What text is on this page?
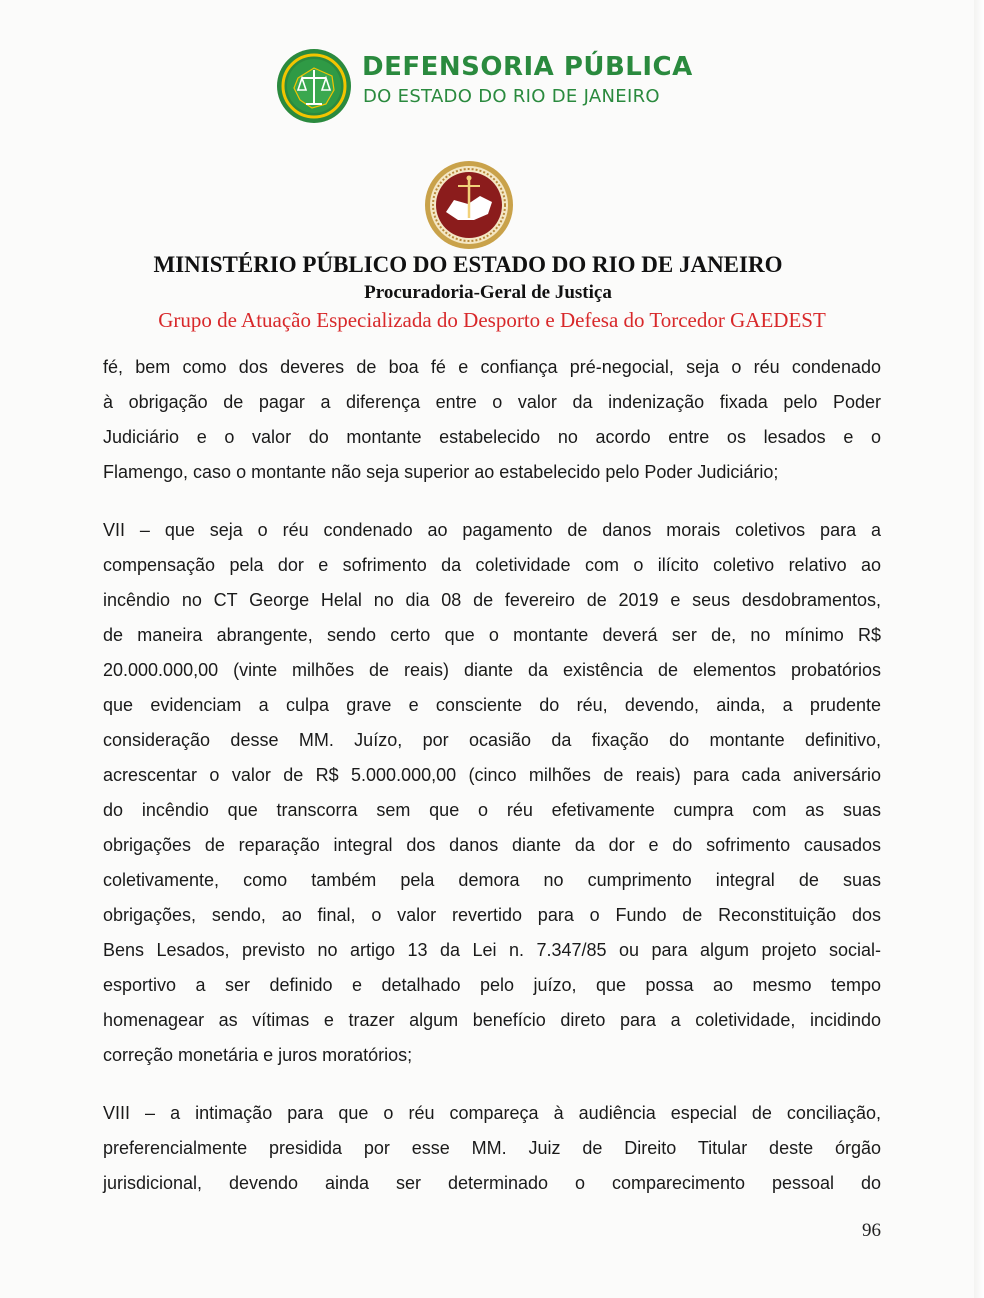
DEFENSORIA PÚBLICA
DO ESTADO DO RIO DE JANEIRO
MINISTÉRIO PÚBLICO DO ESTADO DO RIO DE JANEIRO
Procuradoria-Geral de Justiça
Grupo de Atuação Especializada do Desporto e Defesa do Torcedor GAEDEST
fé, bem como dos deveres de boa fé e confiança pré-negocial, seja o réu condenado
à obrigação de pagar a diferença entre o valor da indenização fixada pelo Poder
Judiciário e o valor do montante estabelecido no acordo entre os lesados e o
Flamengo, caso o montante não seja superior ao estabelecido pelo Poder Judiciário;
VII – que seja o réu condenado ao pagamento de danos morais coletivos para a
compensação pela dor e sofrimento da coletividade com o ilícito coletivo relativo ao
incêndio no CT George Helal no dia 08 de fevereiro de 2019 e seus desdobramentos,
de maneira abrangente, sendo certo que o montante deverá ser de, no mínimo R$
20.000.000,00 (vinte milhões de reais) diante da existência de elementos probatórios
que evidenciam a culpa grave e consciente do réu, devendo, ainda, a prudente
consideração desse MM. Juízo, por ocasião da fixação do montante definitivo,
acrescentar o valor de R$ 5.000.000,00 (cinco milhões de reais) para cada aniversário
do incêndio que transcorra sem que o réu efetivamente cumpra com as suas
obrigações de reparação integral dos danos diante da dor e do sofrimento causados
coletivamente, como também pela demora no cumprimento integral de suas
obrigações, sendo, ao final, o valor revertido para o Fundo de Reconstituição dos
Bens Lesados, previsto no artigo 13 da Lei n. 7.347/85 ou para algum projeto social-
esportivo a ser definido e detalhado pelo juízo, que possa ao mesmo tempo
homenagear as vítimas e trazer algum benefício direto para a coletividade, incidindo
correção monetária e juros moratórios;
VIII – a intimação para que o réu compareça à audiência especial de conciliação,
preferencialmente presidida por esse MM. Juiz de Direito Titular deste órgão
jurisdicional, devendo ainda ser determinado o comparecimento pessoal do
96
